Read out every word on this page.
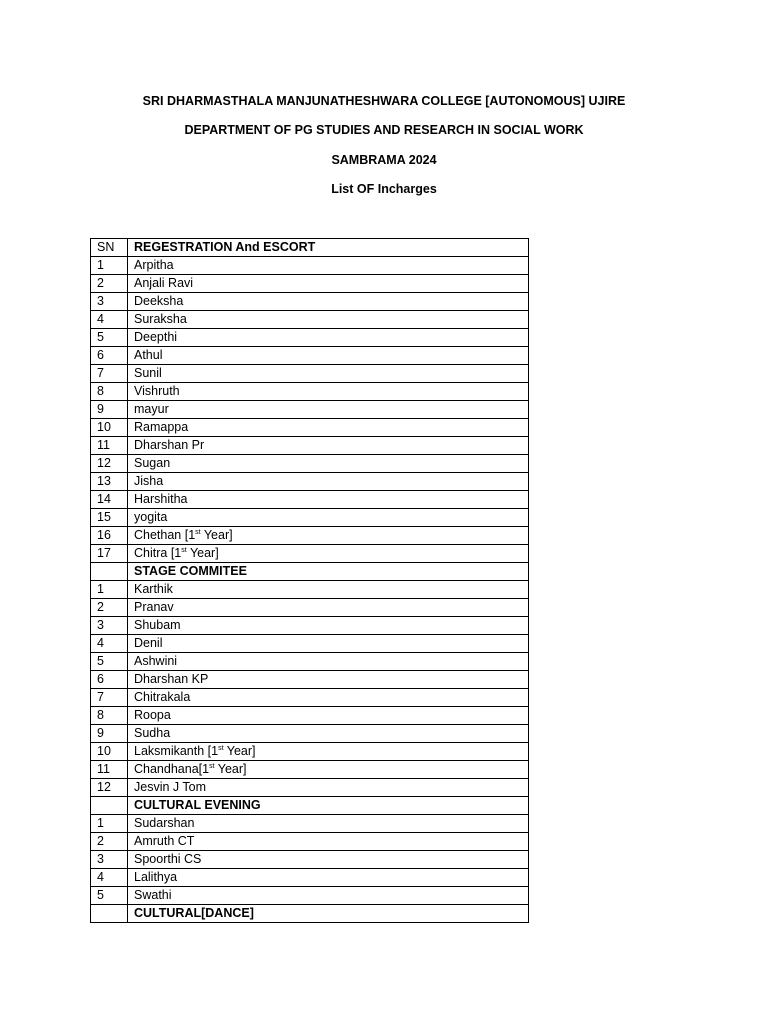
SRI DHARMASTHALA MANJUNATHESHWARA COLLEGE [AUTONOMOUS] UJIRE
DEPARTMENT OF PG STUDIES AND RESEARCH IN SOCIAL WORK
SAMBRAMA 2024
List OF Incharges
SN	REGESTRATION And ESCORT
1	Arpitha
2	Anjali Ravi
3	Deeksha
4	Suraksha
5	Deepthi
6	Athul
7	Sunil
8	Vishruth
9	mayur
10	Ramappa
11	Dharshan Pr
12	Sugan
13	Jisha
14	Harshitha
15	yogita
16	Chethan [1st Year]
17	Chitra [1st Year]
	STAGE COMMITEE
1	Karthik
2	Pranav
3	Shubam
4	Denil
5	Ashwini
6	Dharshan KP
7	Chitrakala
8	Roopa
9	Sudha
10	Laksmikanth [1st Year]
11	Chandhana[1st Year]
12	Jesvin J Tom
	CULTURAL EVENING
1	Sudarshan
2	Amruth CT
3	Spoorthi CS
4	Lalithya
5	Swathi
	CULTURAL[DANCE]
